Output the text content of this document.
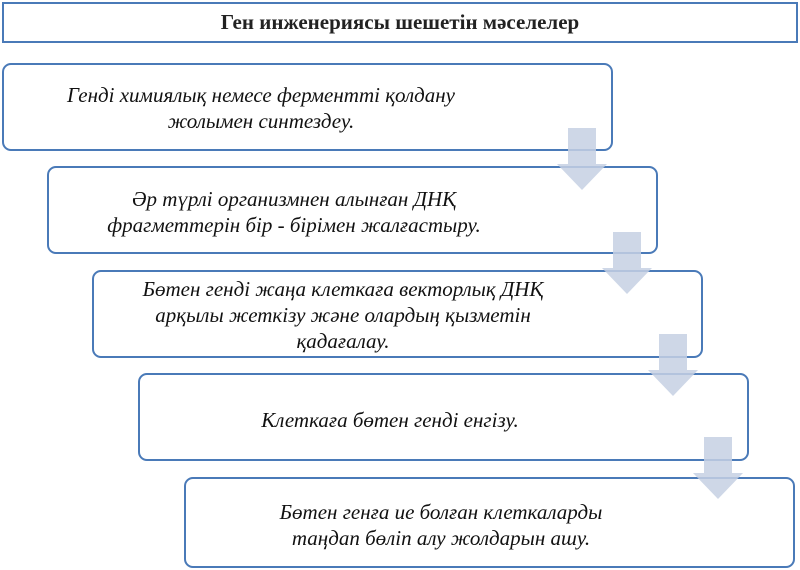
Ген инженериясы шешетін мәселелер
Генді химиялық немесе ферментті қолдану
жолымен синтездеу.
Әр түрлі организмнен алынған ДНҚ
фрагметтерін бір - бірімен жалғастыру.
Бөтен генді жаңа клеткаға векторлық ДНҚ
арқылы жеткізу және олардың қызметін
қадағалау.
Клеткаға бөтен генді енгізу.
Бөтен генға ие болған клеткаларды
таңдап бөліп алу жолдарын ашу.
